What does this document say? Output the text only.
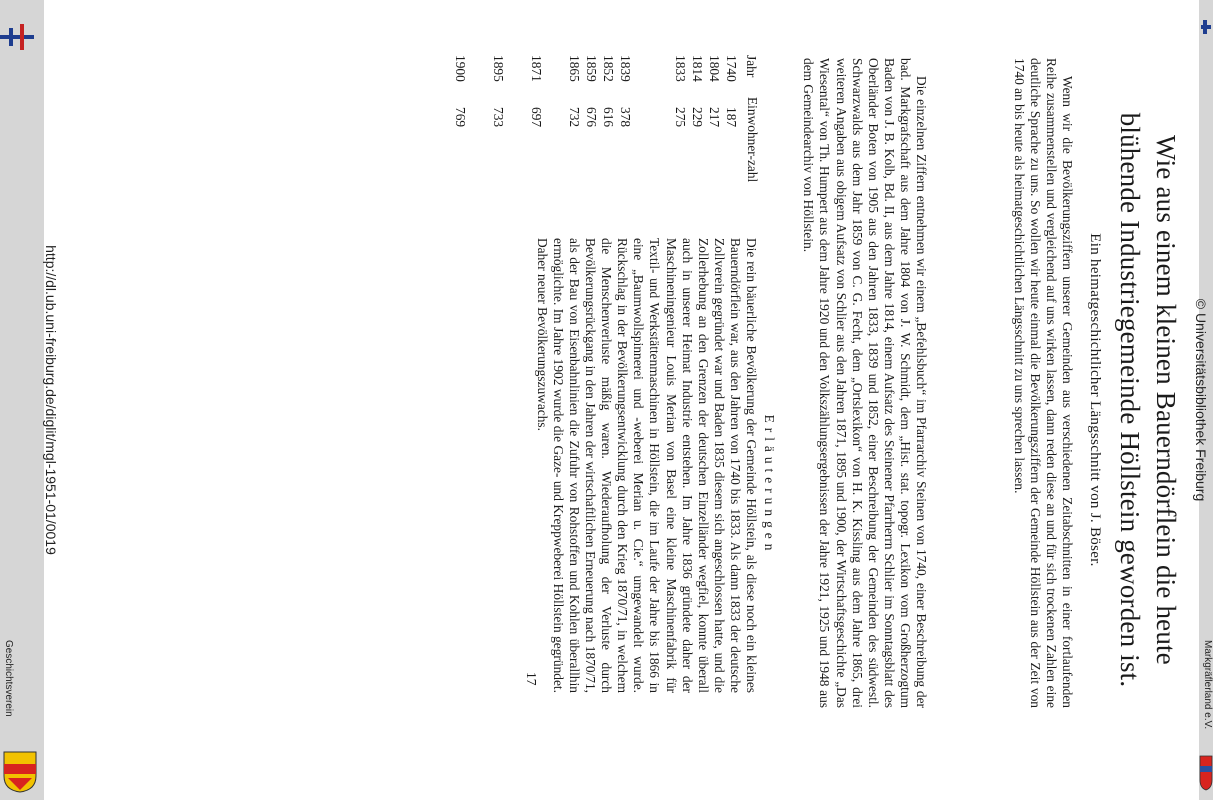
Geschichtsverein	Markgräflerland e.V.
© Universitätsbibliothek Freiburg
Wie aus einem kleinen Bauerndörflein die heute
blühende Industriegemeinde Höllstein geworden ist.
Ein heimatgeschichtlicher Längsschnitt von J. Böser.

Wenn wir die Bevölkerungsziffern unserer Gemeinden aus verschiedenen Zeitabschnitten in einer fortlaufenden Reihe zusammenstellen und vergleichend auf uns wirken lassen, dann reden diese an und für sich trockenen Zahlen eine deutliche Sprache zu uns. So wollen wir heute einmal die Bevölkerungsziffern der Gemeinde Höllstein aus der Zeit von 1740 an bis heute als heimatgeschichtlichen Längsschnitt zu uns sprechen lassen.

Die einzelnen Ziffern entnehmen wir einem „Befehlsbuch“ im Pfarrarchiv Steinen von 1740, einer Beschreibung der bad. Markgrafschaft aus dem Jahre 1804 von J. W. Schmidt, dem „Hist. stat. topogr. Lexikon vom Großherzogtum Baden von J. B. Kolb, Bd. II, aus dem Jahre 1814, einem Aufsatz des Steinener Pfarrherrn Schlier im Sonntagsblatt des Oberländer Boten von 1905 aus den Jahren 1833, 1839 und 1852, einer Beschreibung der Gemeinden des südwestl. Schwarzwalds aus dem Jahr 1859 von C. G. Fecht, dem „Ortslexikon“ von H. K. Kissling aus dem Jahre 1865, drei weiteren Angaben aus obigem Aufsatz von Schlier aus den Jahren 1871, 1895 und 1900, der Wirtschaftsgeschichte „Das Wiesental“ von Th. Humpert aus dem Jahre 1920 und den Volkszählungsergebnissen der Jahre 1921, 1925 und 1948 aus dem Gemeindearchiv von Höllstein.

Jahr
Einwohner-zahl
1740
187
1804
217
1814
229
1833
275
1839
378
1852
616
1859
676
1865
732
1871
697
1895
733
1900
769
Erläuterungen

Die rein bäuerliche Bevölkerung der Gemeinde Höllstein, als diese noch ein kleines Bauerndörflein war, aus den Jahren von 1740 bis 1833. Als dann 1833 der deutsche Zollverein gegründet war und Baden 1835 diesem sich angeschlossen hatte, und die Zollerhebung an den Grenzen der deutschen Einzelländer wegfiel, konnte überall auch in unserer Heimat Industrie entstehen. Im Jahre 1836 gründete daher der Maschineningenieur Louis Merian von Basel eine kleine Maschinenfabrik für Textil- und Werkstättenmaschinen in Höllstein, die im Laufe der Jahre bis 1866 in eine „Baumwollspinnerei und -weberei Merian u. Cie.“ umgewandelt wurde. Rückschlag in der Bevölkerungsentwicklung durch den Krieg 1870/71, in welchem die Menschenverluste mäßig waren. Wiederaufholung der Verluste durch Bevölkerungsrückgang in den Jahren der wirtschaftlichen Erneuerung nach 1870/71, als der Bau von Eisenbahnlinien die Zufuhr von Rohstoffen und Kohlen überallhin ermöglichte. Im Jahre 1902 wurde die Gaze- und Kreppweberei Höllstein gegründet. Daher neuer Bevölkerungszuwachs.

17
http://dl.ub.uni-freiburg.de/diglit/mgl-1951-01/0019
